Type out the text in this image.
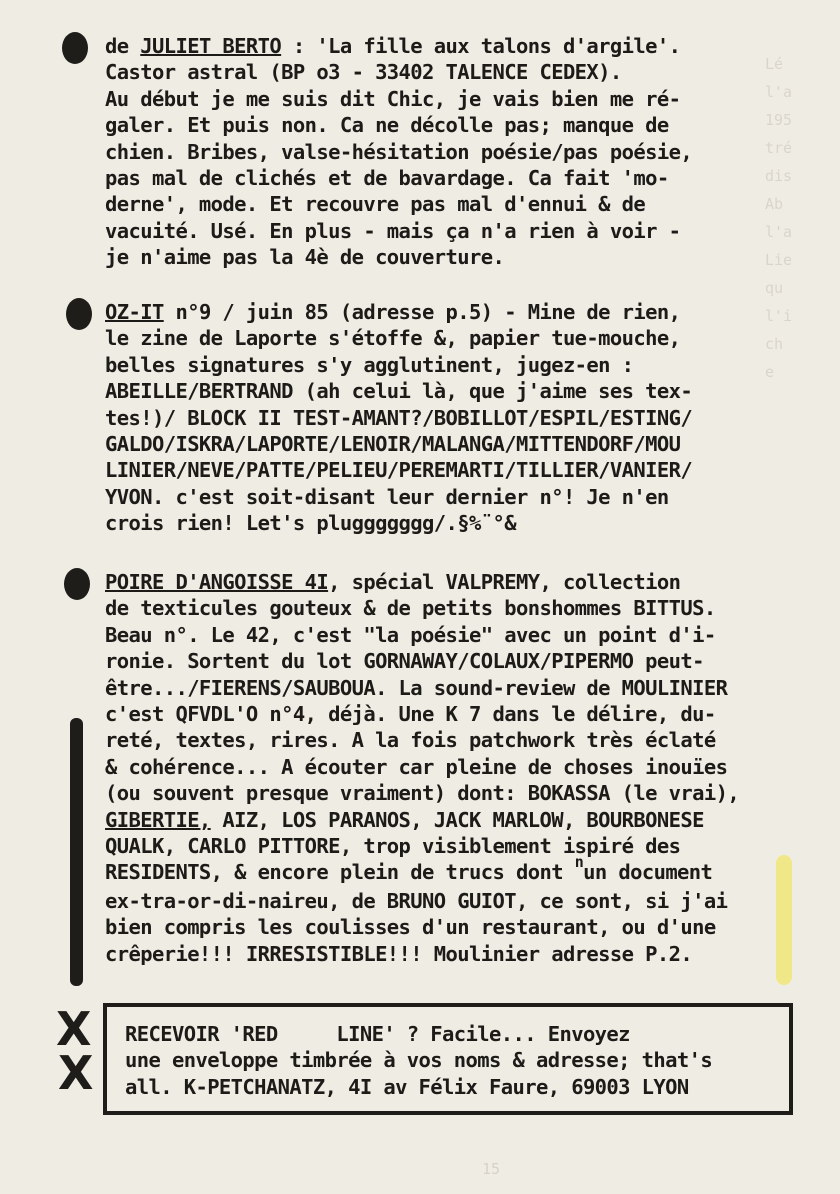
Lé
l'a
195
tré
dis
Ab
l'a
Lie
qu
l'i
ch
e
de JULIET BERTO : 'La fille aux talons d'argile'.
Castor astral (BP o3 - 33402 TALENCE CEDEX).
Au début je me suis dit Chic, je vais bien me ré-
galer. Et puis non. Ca ne décolle pas; manque de
chien. Bribes, valse-hésitation poésie/pas poésie,
pas mal de clichés et de bavardage. Ca fait 'mo-
derne', mode. Et recouvre pas mal d'ennui & de
vacuité. Usé. En plus - mais ça n'a rien à voir -
je n'aime pas la 4è de couverture.
OZ-IT n°9 / juin 85 (adresse p.5) - Mine de rien,
le zine de Laporte s'étoffe &, papier tue-mouche,
belles signatures s'y agglutinent, jugez-en :
ABEILLE/BERTRAND (ah celui là, que j'aime ses tex-
tes!)/ BLOCK II TEST-AMANT?/BOBILLOT/ESPIL/ESTING/
GALDO/ISKRA/LAPORTE/LENOIR/MALANGA/MITTENDORF/MOU
LINIER/NEVE/PATTE/PELIEU/PEREMARTI/TILLIER/VANIER/
YVON. c'est soit-disant leur dernier n°! Je n'en
crois rien! Let's pluggggggg/.§%¨°&
POIRE D'ANGOISSE 4I, spécial VALPREMY, collection
de texticules gouteux & de petits bonshommes BITTUS.
Beau n°. Le 42, c'est "la poésie" avec un point d'i-
ronie. Sortent du lot GORNAWAY/COLAUX/PIPERMO peut-
être.../FIERENS/SAUBOUA. La sound-review de MOULINIER
c'est QFVDL'O n°4, déjà. Une K 7 dans le délire, du-
reté, textes, rires. A la fois patchwork très éclaté
& cohérence... A écouter car pleine de choses inouïes
(ou souvent presque vraiment) dont: BOKASSA (le vrai),
GIBERTIE, AIZ, LOS PARANOS, JACK MARLOW, BOURBONESE
QUALK, CARLO PITTORE, trop visiblement ispiré des
RESIDENTS, & encore plein de trucs dont $^n$un document
ex-tra-or-di-naireu, de BRUNO GUIOT, ce sont, si j'ai
bien compris les coulisses d'un restaurant, ou d'une
crêperie!!! IRRESISTIBLE!!! Moulinier adresse P.2.
X
X
RECEVOIR 'RED     LINE' ? Facile... Envoyez
une enveloppe timbrée à vos noms & adresse; that's
all. K-PETCHANATZ, 4I av Félix Faure, 69003 LYON
15
